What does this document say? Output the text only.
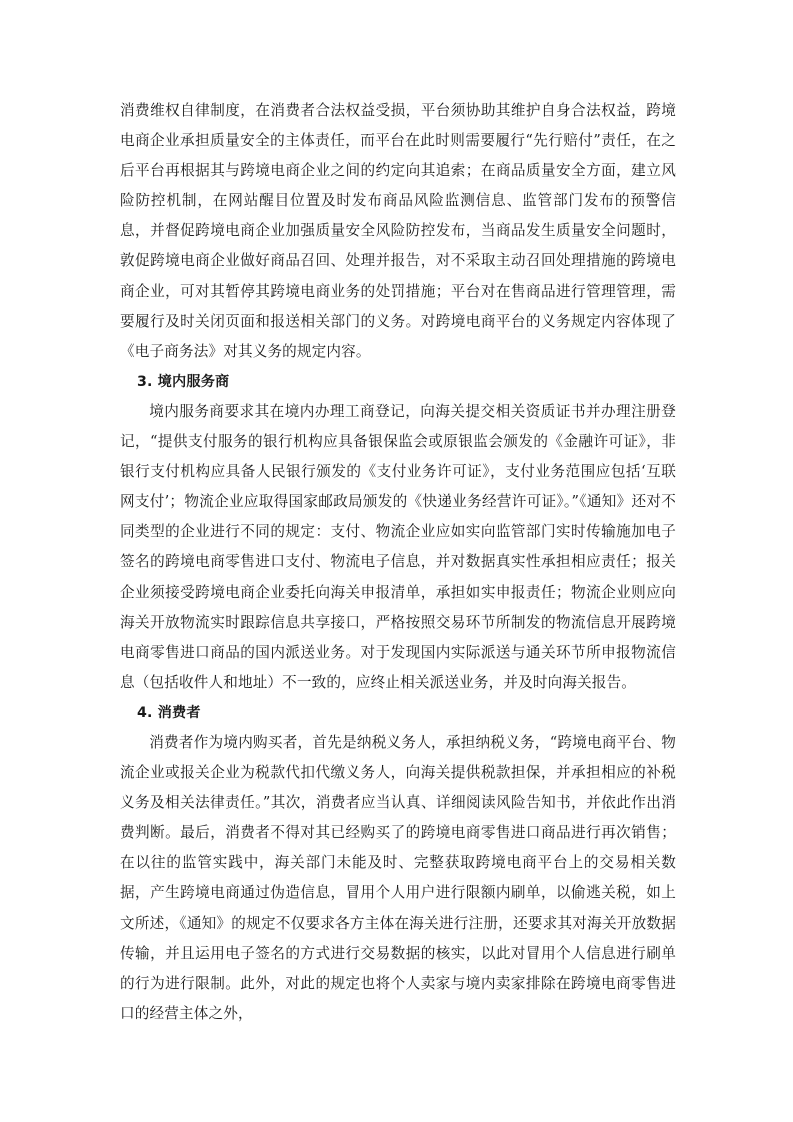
消费维权自律制度，在消费者合法权益受损，平台须协助其维护自身合法权益，跨境电商企业承担质量安全的主体责任，而平台在此时则需要履行“先行赔付”责任，在之后平台再根据其与跨境电商企业之间的约定向其追索；在商品质量安全方面，建立风险防控机制，在网站醒目位置及时发布商品风险监测信息、监管部门发布的预警信息，并督促跨境电商企业加强质量安全风险防控发布，当商品发生质量安全问题时，敦促跨境电商企业做好商品召回、处理并报告，对不采取主动召回处理措施的跨境电商企业，可对其暂停其跨境电商业务的处罚措施；平台对在售商品进行管理管理，需要履行及时关闭页面和报送相关部门的义务。对跨境电商平台的义务规定内容体现了《电子商务法》对其义务的规定内容。

3. 境内服务商

境内服务商要求其在境内办理工商登记，向海关提交相关资质证书并办理注册登记，“提供支付服务的银行机构应具备银保监会或原银监会颁发的《金融许可证》，非银行支付机构应具备人民银行颁发的《支付业务许可证》，支付业务范围应包括‘互联网支付’；物流企业应取得国家邮政局颁发的《快递业务经营许可证》。”《通知》还对不同类型的企业进行不同的规定：支付、物流企业应如实向监管部门实时传输施加电子签名的跨境电商零售进口支付、物流电子信息，并对数据真实性承担相应责任；报关企业须接受跨境电商企业委托向海关申报清单，承担如实申报责任；物流企业则应向海关开放物流实时跟踪信息共享接口，严格按照交易环节所制发的物流信息开展跨境电商零售进口商品的国内派送业务。对于发现国内实际派送与通关环节所申报物流信息（包括收件人和地址）不一致的，应终止相关派送业务，并及时向海关报告。

4. 消费者

消费者作为境内购买者，首先是纳税义务人，承担纳税义务，“跨境电商平台、物流企业或报关企业为税款代扣代缴义务人，向海关提供税款担保，并承担相应的补税义务及相关法律责任。”其次，消费者应当认真、详细阅读风险告知书，并依此作出消费判断。最后，消费者不得对其已经购买了的跨境电商零售进口商品进行再次销售；在以往的监管实践中，海关部门未能及时、完整获取跨境电商平台上的交易相关数据，产生跨境电商通过伪造信息，冒用个人用户进行限额内刷单，以偷逃关税，如上文所述，《通知》的规定不仅要求各方主体在海关进行注册，还要求其对海关开放数据传输，并且运用电子签名的方式进行交易数据的核实，以此对冒用个人信息进行刷单的行为进行限制。此外，对此的规定也将个人卖家与境内卖家排除在跨境电商零售进口的经营主体之外，
